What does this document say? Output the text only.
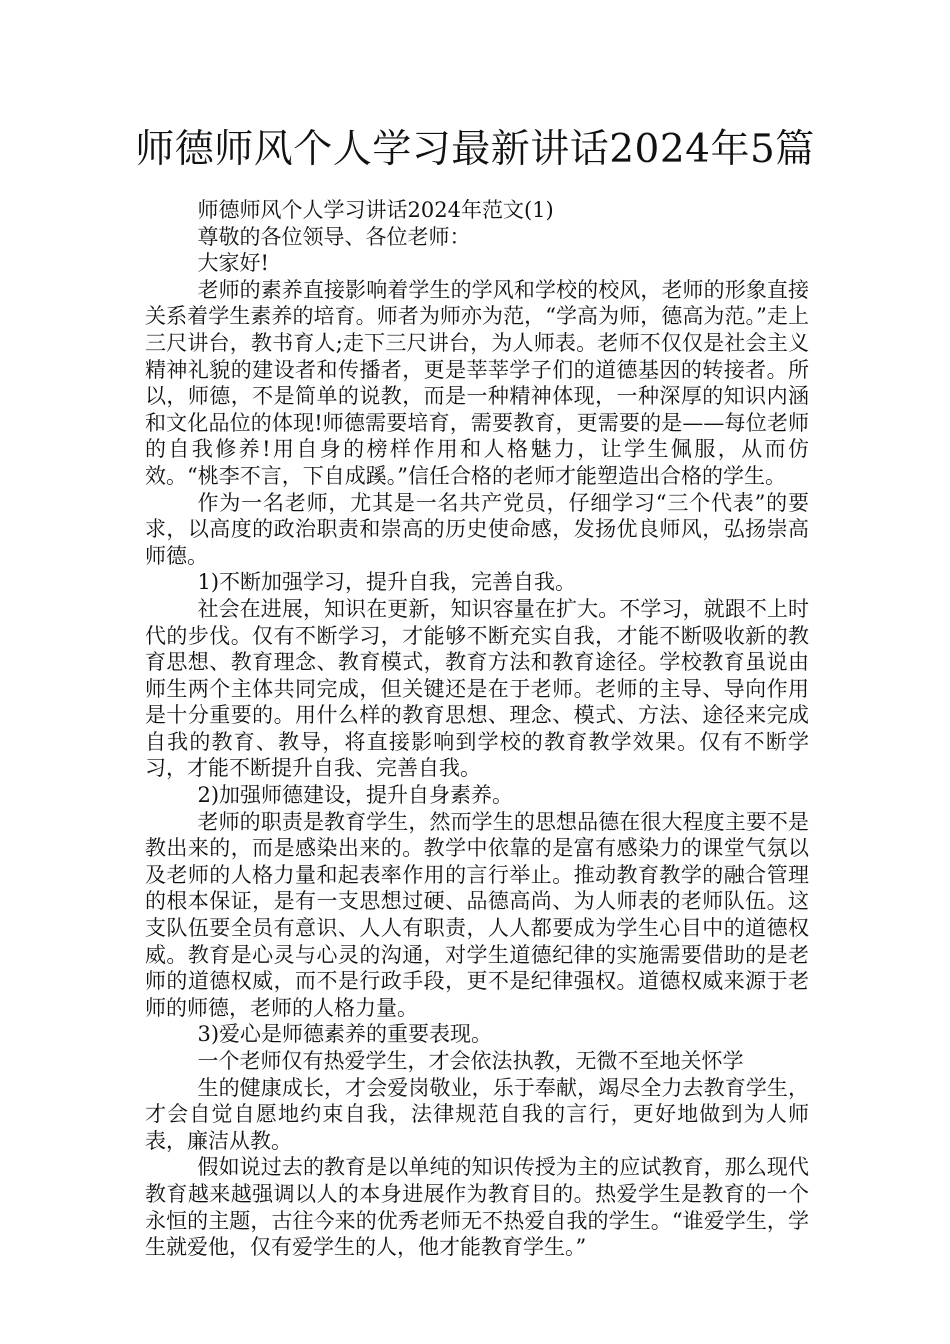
师德师风个人学习最新讲话2024年5篇

师德师风个人学习讲话2024年范文(1)

尊敬的各位领导、各位老师：

大家好!

老师的素养直接影响着学生的学风和学校的校风，老师的形象直接关系着学生素养的培育。师者为师亦为范，“学高为师，德高为范。”走上三尺讲台，教书育人;走下三尺讲台，为人师表。老师不仅仅是社会主义精神礼貌的建设者和传播者，更是莘莘学子们的道德基因的转接者。所以，师德，不是简单的说教，而是一种精神体现，一种深厚的知识内涵和文化品位的体现!师德需要培育，需要教育，更需要的是——每位老师的自我修养!用自身的榜样作用和人格魅力，让学生佩服，从而仿效。“桃李不言，下自成蹊。”信任合格的老师才能塑造出合格的学生。

作为一名老师，尤其是一名共产党员，仔细学习“三个代表”的要求，以高度的政治职责和崇高的历史使命感，发扬优良师风，弘扬崇高师德。

1)不断加强学习，提升自我，完善自我。

社会在进展，知识在更新，知识容量在扩大。不学习，就跟不上时代的步伐。仅有不断学习，才能够不断充实自我，才能不断吸收新的教育思想、教育理念、教育模式，教育方法和教育途径。学校教育虽说由师生两个主体共同完成，但关键还是在于老师。老师的主导、导向作用是十分重要的。用什么样的教育思想、理念、模式、方法、途径来完成自我的教育、教导，将直接影响到学校的教育教学效果。仅有不断学习，才能不断提升自我、完善自我。

2)加强师德建设，提升自身素养。

老师的职责是教育学生，然而学生的思想品德在很大程度主要不是教出来的，而是感染出来的。教学中依靠的是富有感染力的课堂气氛以及老师的人格力量和起表率作用的言行举止。推动教育教学的融合管理的根本保证，是有一支思想过硬、品德高尚、为人师表的老师队伍。这支队伍要全员有意识、人人有职责，人人都要成为学生心目中的道德权威。教育是心灵与心灵的沟通，对学生道德纪律的实施需要借助的是老师的道德权威，而不是行政手段，更不是纪律强权。道德权威来源于老师的师德，老师的人格力量。

3)爱心是师德素养的重要表现。

一个老师仅有热爱学生，才会依法执教，无微不至地关怀学

生的健康成长，才会爱岗敬业，乐于奉献，竭尽全力去教育学生，才会自觉自愿地约束自我，法律规范自我的言行，更好地做到为人师表，廉洁从教。

假如说过去的教育是以单纯的知识传授为主的应试教育，那么现代教育越来越强调以人的本身进展作为教育目的。热爱学生是教育的一个永恒的主题，古往今来的优秀老师无不热爱自我的学生。“谁爱学生，学生就爱他，仅有爱学生的人，他才能教育学生。”
